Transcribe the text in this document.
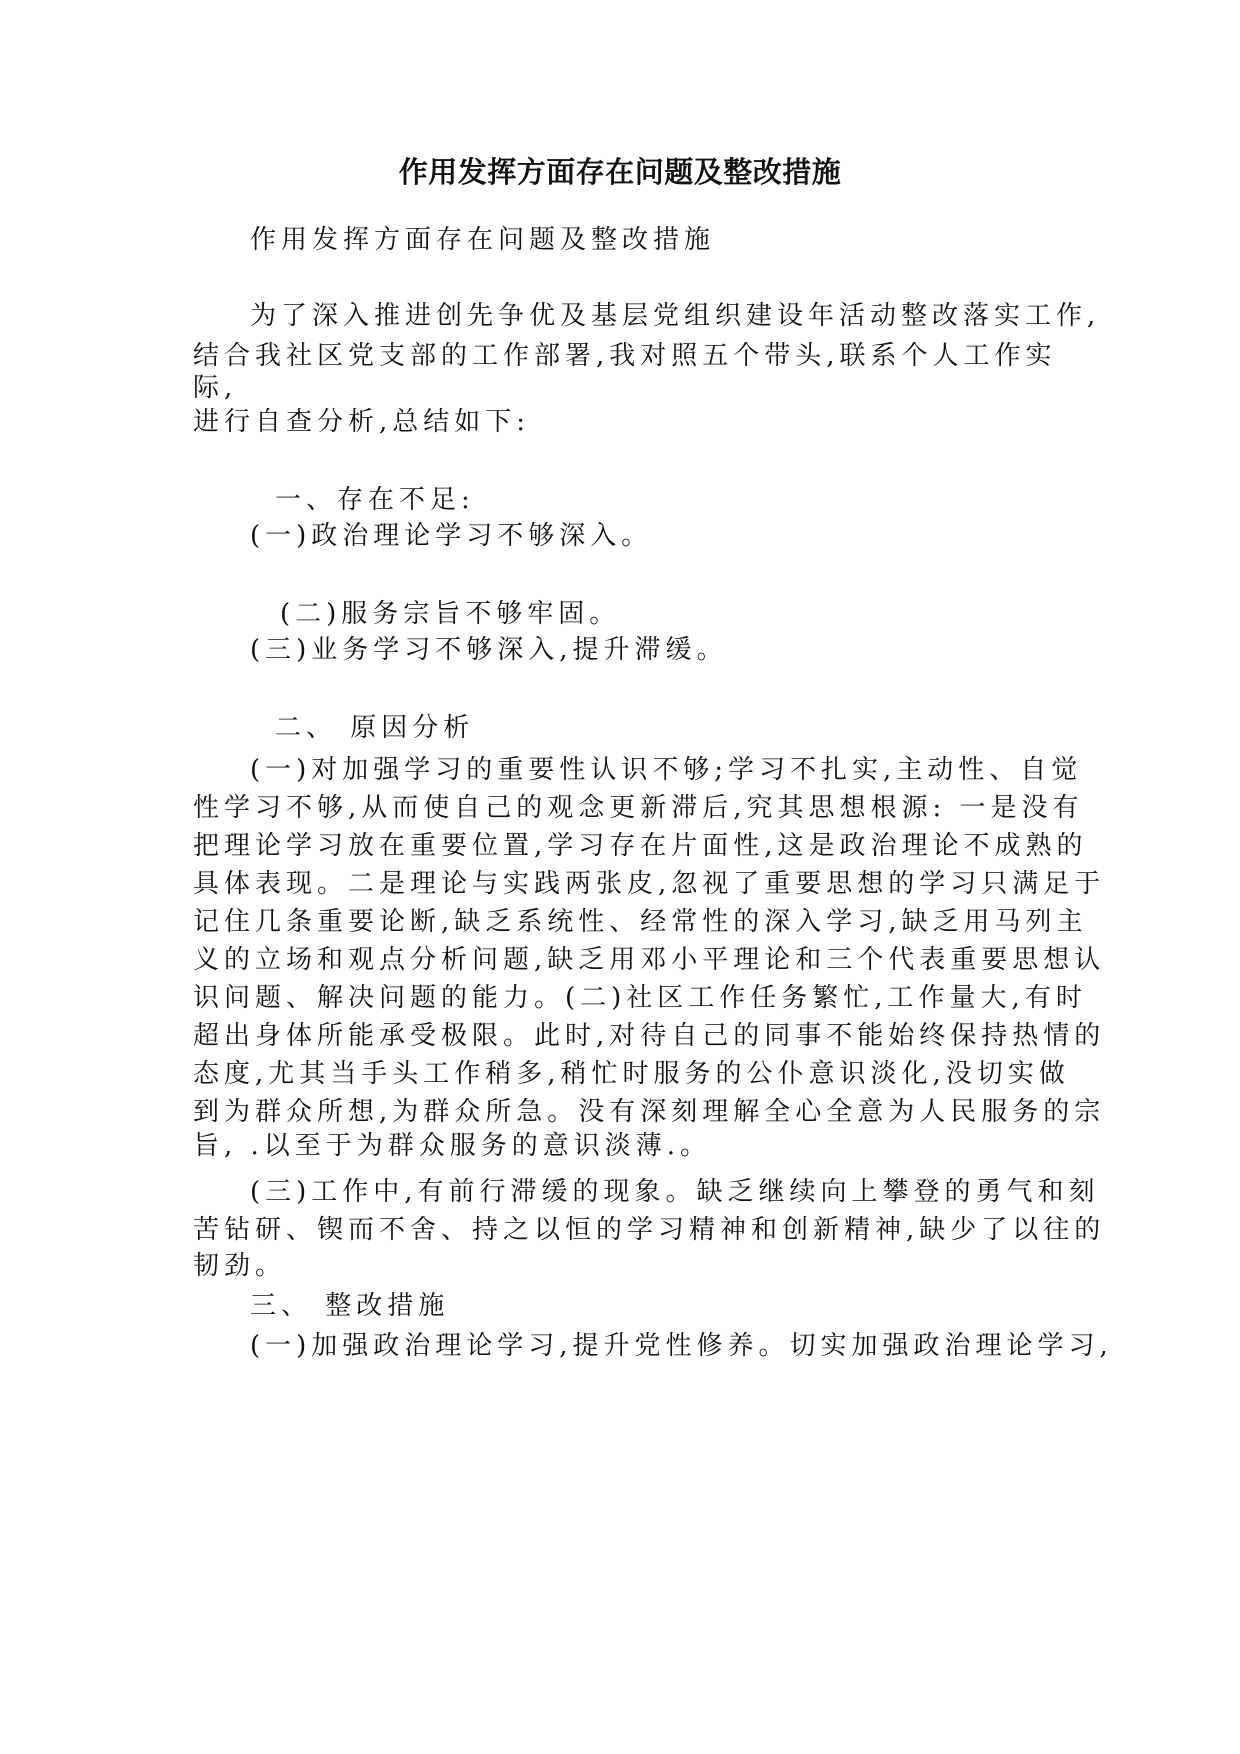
作用发挥方面存在问题及整改措施
作用发挥方面存在问题及整改措施
为了深入推进创先争优及基层党组织建设年活动整改落实工作,
结合我社区党支部的工作部署,我对照五个带头,联系个人工作实
际,
进行自查分析,总结如下:
一、存在不足:
(一)政治理论学习不够深入。
(二)服务宗旨不够牢固。
(三)业务学习不够深入,提升滞缓。
二、 原因分析
(一)对加强学习的重要性认识不够;学习不扎实,主动性、自觉
性学习不够,从而使自己的观念更新滞后,究其思想根源: 一是没有
把理论学习放在重要位置,学习存在片面性,这是政治理论不成熟的
具体表现。二是理论与实践两张皮,忽视了重要思想的学习只满足于
记住几条重要论断,缺乏系统性、经常性的深入学习,缺乏用马列主
义的立场和观点分析问题,缺乏用邓小平理论和三个代表重要思想认
识问题、解决问题的能力。(二)社区工作任务繁忙,工作量大,有时
超出身体所能承受极限。此时,对待自己的同事不能始终保持热情的
态度,尤其当手头工作稍多,稍忙时服务的公仆意识淡化,没切实做
到为群众所想,为群众所急。没有深刻理解全心全意为人民服务的宗
旨, .以至于为群众服务的意识淡薄.。
(三)工作中,有前行滞缓的现象。缺乏继续向上攀登的勇气和刻
苦钻研、锲而不舍、持之以恒的学习精神和创新精神,缺少了以往的
韧劲。
三、 整改措施
(一)加强政治理论学习,提升党性修养。切实加强政治理论学习,
